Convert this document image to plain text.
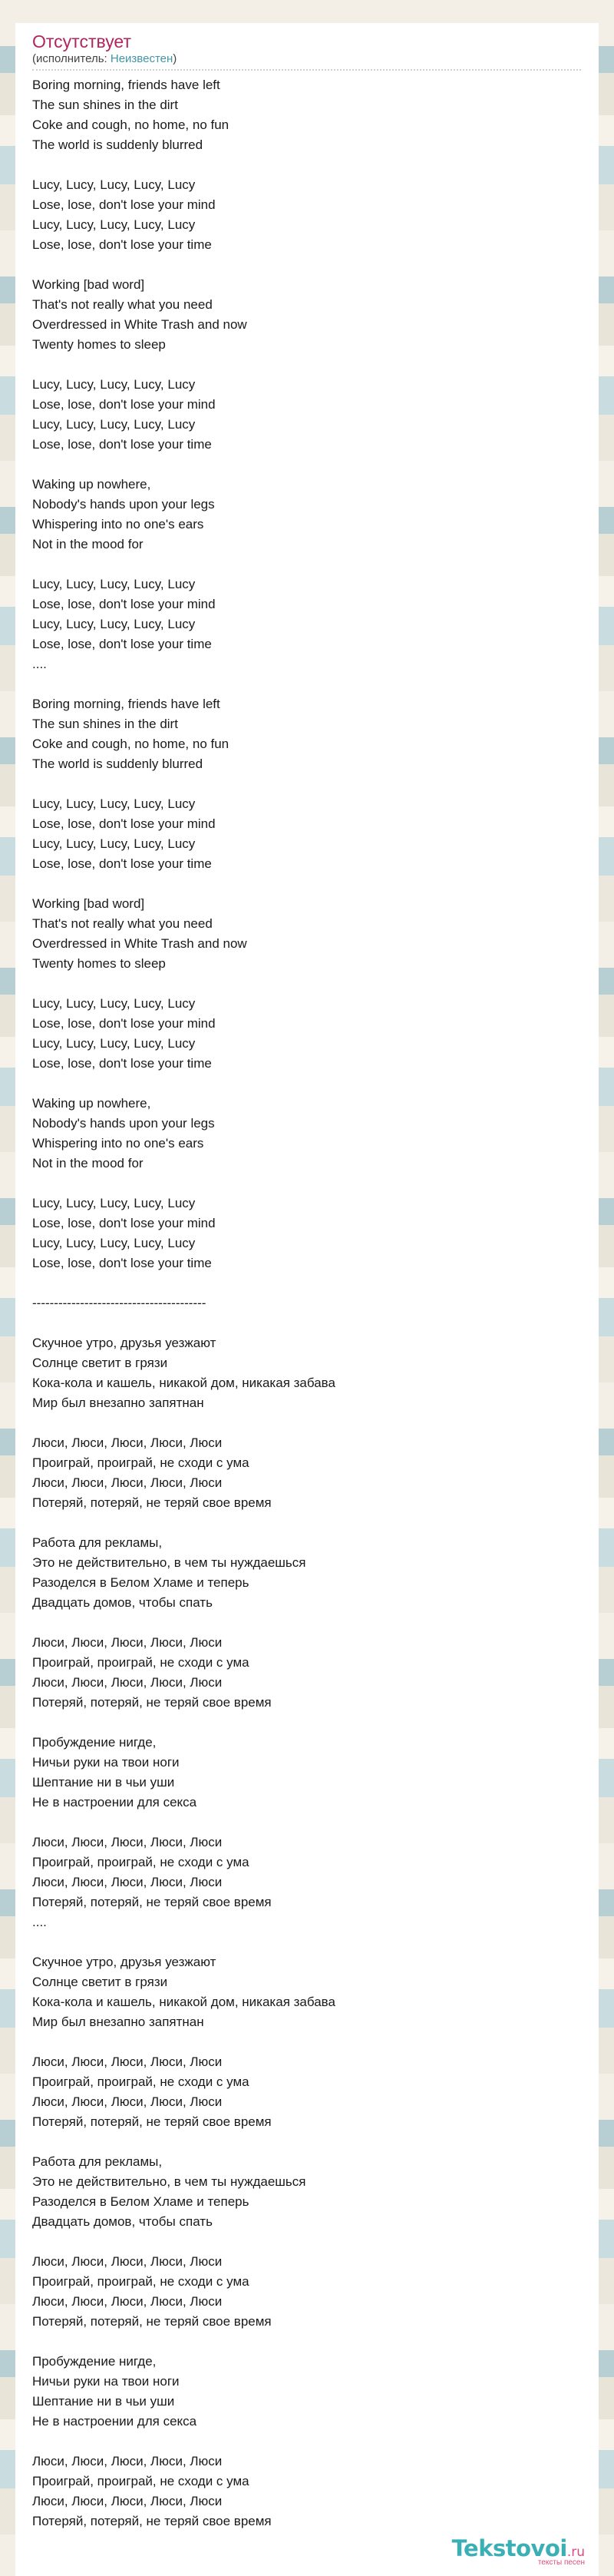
Отсутствует
(исполнитель: Неизвестен)
Boring morning, friends have left
The sun shines in the dirt
Coke and cough, no home, no fun
The world is suddenly blurred
Lucy, Lucy, Lucy, Lucy, Lucy
Lose, lose, don't lose your mind
Lucy, Lucy, Lucy, Lucy, Lucy
Lose, lose, don't lose your time
Working [bad word]
That's not really what you need
Overdressed in White Trash and now
Twenty homes to sleep
Lucy, Lucy, Lucy, Lucy, Lucy
Lose, lose, don't lose your mind
Lucy, Lucy, Lucy, Lucy, Lucy
Lose, lose, don't lose your time
Waking up nowhere,
Nobody's hands upon your legs
Whispering into no one's ears
Not in the mood for
Lucy, Lucy, Lucy, Lucy, Lucy
Lose, lose, don't lose your mind
Lucy, Lucy, Lucy, Lucy, Lucy
Lose, lose, don't lose your time
....
Boring morning, friends have left
The sun shines in the dirt
Coke and cough, no home, no fun
The world is suddenly blurred
Lucy, Lucy, Lucy, Lucy, Lucy
Lose, lose, don't lose your mind
Lucy, Lucy, Lucy, Lucy, Lucy
Lose, lose, don't lose your time
Working [bad word]
That's not really what you need
Overdressed in White Trash and now
Twenty homes to sleep
Lucy, Lucy, Lucy, Lucy, Lucy
Lose, lose, don't lose your mind
Lucy, Lucy, Lucy, Lucy, Lucy
Lose, lose, don't lose your time
Waking up nowhere,
Nobody's hands upon your legs
Whispering into no one's ears
Not in the mood for
Lucy, Lucy, Lucy, Lucy, Lucy
Lose, lose, don't lose your mind
Lucy, Lucy, Lucy, Lucy, Lucy
Lose, lose, don't lose your time
----------------------------------------
Скучное утро, друзья уезжают
Солнце светит в грязи
Кока-кола и кашель, никакой дом, никакая забава
Мир был внезапно запятнан
Люси, Люси, Люси, Люси, Люси
Проиграй, проиграй, не сходи с ума
Люси, Люси, Люси, Люси, Люси
Потеряй, потеряй, не теряй свое время
Работа для рекламы,
Это не действительно, в чем ты нуждаешься
Разоделся в Белом Хламе и теперь
Двадцать домов, чтобы спать
Люси, Люси, Люси, Люси, Люси
Проиграй, проиграй, не сходи с ума
Люси, Люси, Люси, Люси, Люси
Потеряй, потеряй, не теряй свое время
Пробуждение нигде,
Ничьи руки на твои ноги
Шептание ни в чьи уши
Не в настроении для секса
Люси, Люси, Люси, Люси, Люси
Проиграй, проиграй, не сходи с ума
Люси, Люси, Люси, Люси, Люси
Потеряй, потеряй, не теряй свое время
....
Скучное утро, друзья уезжают
Солнце светит в грязи
Кока-кола и кашель, никакой дом, никакая забава
Мир был внезапно запятнан
Люси, Люси, Люси, Люси, Люси
Проиграй, проиграй, не сходи с ума
Люси, Люси, Люси, Люси, Люси
Потеряй, потеряй, не теряй свое время
Работа для рекламы,
Это не действительно, в чем ты нуждаешься
Разоделся в Белом Хламе и теперь
Двадцать домов, чтобы спать
Люси, Люси, Люси, Люси, Люси
Проиграй, проиграй, не сходи с ума
Люси, Люси, Люси, Люси, Люси
Потеряй, потеряй, не теряй свое время
Пробуждение нигде,
Ничьи руки на твои ноги
Шептание ни в чьи уши
Не в настроении для секса
Люси, Люси, Люси, Люси, Люси
Проиграй, проиграй, не сходи с ума
Люси, Люси, Люси, Люси, Люси
Потеряй, потеряй, не теряй свое время
Tekstovoi.ru
тексты песен
